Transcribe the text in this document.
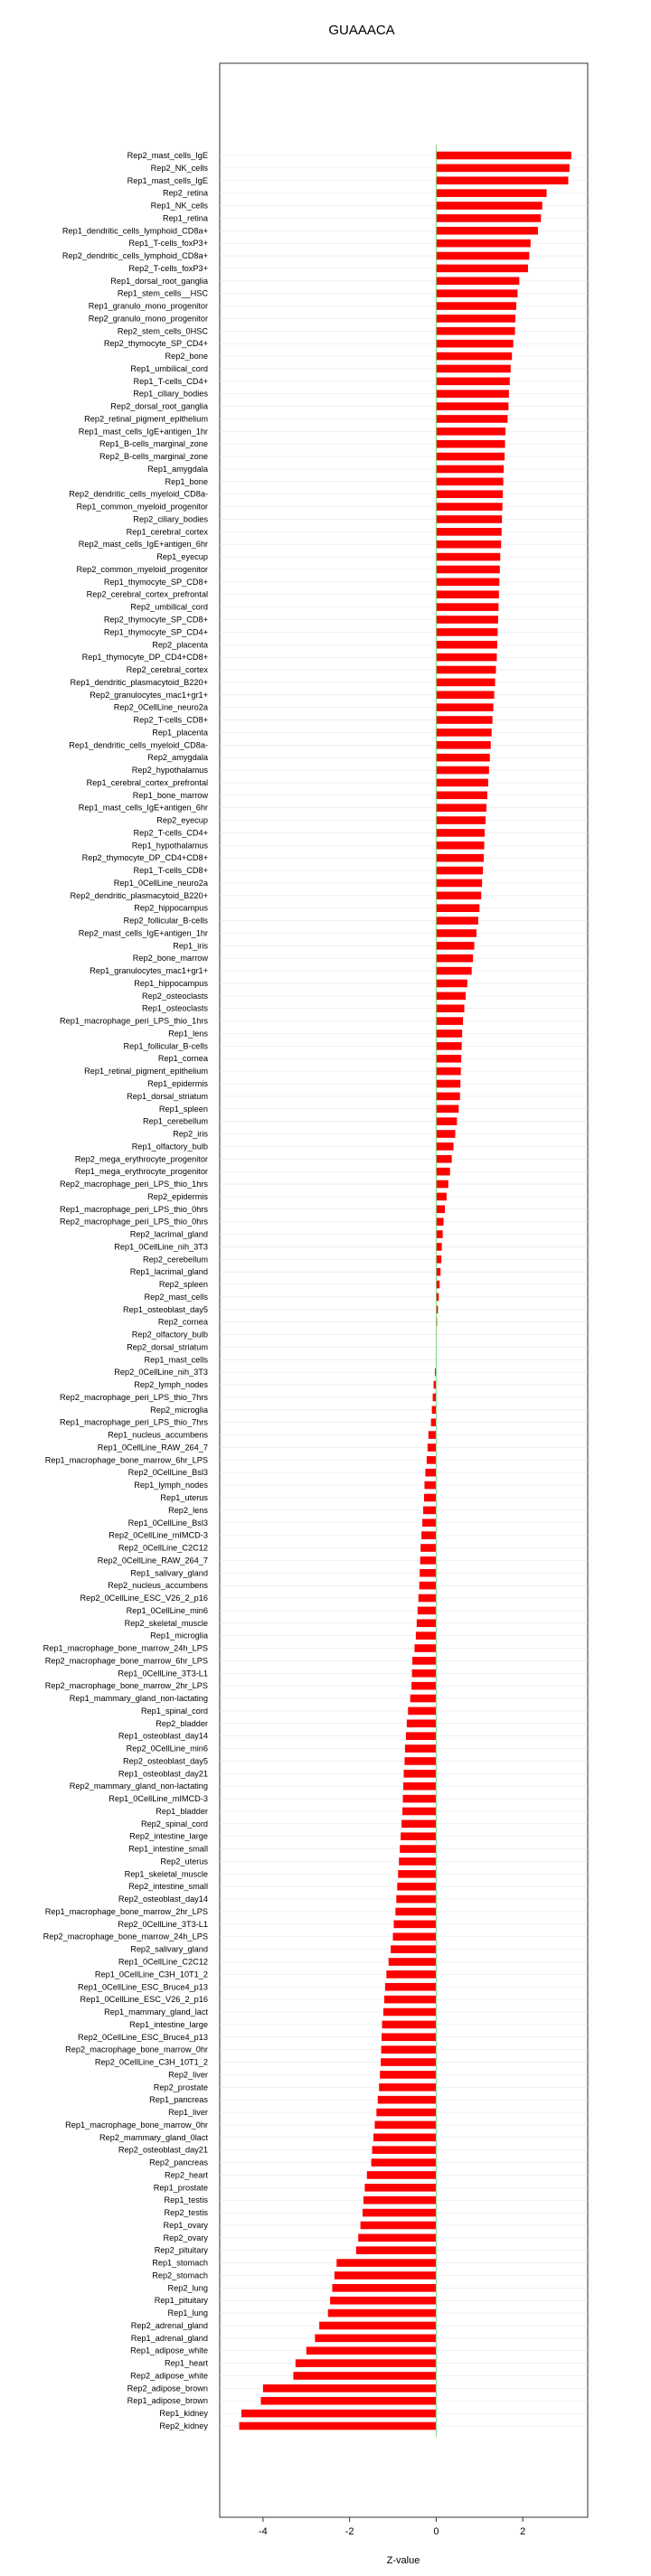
GUAAACA
Rep2_mast_cells_IgE
Rep2_NK_cells
Rep1_mast_cells_IgE
Rep2_retina
Rep1_NK_cells
Rep1_retina
Rep1_dendritic_cells_lymphoid_CD8a+
Rep1_T-cells_foxP3+
Rep2_dendritic_cells_lymphoid_CD8a+
Rep2_T-cells_foxP3+
Rep1_dorsal_root_ganglia
Rep1_stem_cells__HSC
Rep1_granulo_mono_progenitor
Rep2_granulo_mono_progenitor
Rep2_stem_cells_0HSC
Rep2_thymocyte_SP_CD4+
Rep2_bone
Rep1_umbilical_cord
Rep1_T-cells_CD4+
Rep1_ciliary_bodies
Rep2_dorsal_root_ganglia
Rep2_retinal_pigment_epithelium
Rep1_mast_cells_IgE+antigen_1hr
Rep1_B-cells_marginal_zone
Rep2_B-cells_marginal_zone
Rep1_amygdala
Rep1_bone
Rep2_dendritic_cells_myeloid_CD8a-
Rep1_common_myeloid_progenitor
Rep2_ciliary_bodies
Rep1_cerebral_cortex
Rep2_mast_cells_IgE+antigen_6hr
Rep1_eyecup
Rep2_common_myeloid_progenitor
Rep1_thymocyte_SP_CD8+
Rep2_cerebral_cortex_prefrontal
Rep2_umbilical_cord
Rep2_thymocyte_SP_CD8+
Rep1_thymocyte_SP_CD4+
Rep2_placenta
Rep1_thymocyte_DP_CD4+CD8+
Rep2_cerebral_cortex
Rep1_dendritic_plasmacytoid_B220+
Rep2_granulocytes_mac1+gr1+
Rep2_0CellLine_neuro2a
Rep2_T-cells_CD8+
Rep1_placenta
Rep1_dendritic_cells_myeloid_CD8a-
Rep2_amygdala
Rep2_hypothalamus
Rep1_cerebral_cortex_prefrontal
Rep1_bone_marrow
Rep1_mast_cells_IgE+antigen_6hr
Rep2_eyecup
Rep2_T-cells_CD4+
Rep1_hypothalamus
Rep2_thymocyte_DP_CD4+CD8+
Rep1_T-cells_CD8+
Rep1_0CellLine_neuro2a
Rep2_dendritic_plasmacytoid_B220+
Rep2_hippocampus
Rep2_follicular_B-cells
Rep2_mast_cells_IgE+antigen_1hr
Rep1_iris
Rep2_bone_marrow
Rep1_granulocytes_mac1+gr1+
Rep1_hippocampus
Rep2_osteoclasts
Rep1_osteoclasts
Rep1_macrophage_peri_LPS_thio_1hrs
Rep1_lens
Rep1_follicular_B-cells
Rep1_cornea
Rep1_retinal_pigment_epithelium
Rep1_epidermis
Rep1_dorsal_striatum
Rep1_spleen
Rep1_cerebellum
Rep2_iris
Rep1_olfactory_bulb
Rep2_mega_erythrocyte_progenitor
Rep1_mega_erythrocyte_progenitor
Rep2_macrophage_peri_LPS_thio_1hrs
Rep2_epidermis
Rep1_macrophage_peri_LPS_thio_0hrs
Rep2_macrophage_peri_LPS_thio_0hrs
Rep2_lacrimal_gland
Rep1_0CellLine_nih_3T3
Rep2_cerebellum
Rep1_lacrimal_gland
Rep2_spleen
Rep2_mast_cells
Rep1_osteoblast_day5
Rep2_cornea
Rep2_olfactory_bulb
Rep2_dorsal_striatum
Rep1_mast_cells
Rep2_0CellLine_nih_3T3
Rep2_lymph_nodes
Rep2_macrophage_peri_LPS_thio_7hrs
Rep2_microglia
Rep1_macrophage_peri_LPS_thio_7hrs
Rep1_nucleus_accumbens
Rep1_0CellLine_RAW_264_7
Rep1_macrophage_bone_marrow_6hr_LPS
Rep2_0CellLine_Bsl3
Rep1_lymph_nodes
Rep1_uterus
Rep2_lens
Rep1_0CellLine_Bsl3
Rep2_0CellLine_mIMCD-3
Rep2_0CellLine_C2C12
Rep2_0CellLine_RAW_264_7
Rep1_salivary_gland
Rep2_nucleus_accumbens
Rep2_0CellLine_ESC_V26_2_p16
Rep1_0CellLine_min6
Rep2_skeletal_muscle
Rep1_microglia
Rep1_macrophage_bone_marrow_24h_LPS
Rep2_macrophage_bone_marrow_6hr_LPS
Rep1_0CellLine_3T3-L1
Rep2_macrophage_bone_marrow_2hr_LPS
Rep1_mammary_gland_non-lactating
Rep1_spinal_cord
Rep2_bladder
Rep1_osteoblast_day14
Rep2_0CellLine_min6
Rep2_osteoblast_day5
Rep1_osteoblast_day21
Rep2_mammary_gland_non-lactating
Rep1_0CellLine_mIMCD-3
Rep1_bladder
Rep2_spinal_cord
Rep2_intestine_large
Rep1_intestine_small
Rep2_uterus
Rep1_skeletal_muscle
Rep2_intestine_small
Rep2_osteoblast_day14
Rep1_macrophage_bone_marrow_2hr_LPS
Rep2_0CellLine_3T3-L1
Rep2_macrophage_bone_marrow_24h_LPS
Rep2_salivary_gland
Rep1_0CellLine_C2C12
Rep1_0CellLine_C3H_10T1_2
Rep1_0CellLine_ESC_Bruce4_p13
Rep1_0CellLine_ESC_V26_2_p16
Rep1_mammary_gland_lact
Rep1_intestine_large
Rep2_0CellLine_ESC_Bruce4_p13
Rep2_macrophage_bone_marrow_0hr
Rep2_0CellLine_C3H_10T1_2
Rep2_liver
Rep2_prostate
Rep1_pancreas
Rep1_liver
Rep1_macrophage_bone_marrow_0hr
Rep2_mammary_gland_0lact
Rep2_osteoblast_day21
Rep2_pancreas
Rep2_heart
Rep1_prostate
Rep1_testis
Rep2_testis
Rep1_ovary
Rep2_ovary
Rep2_pituitary
Rep1_stomach
Rep2_stomach
Rep2_lung
Rep1_pituitary
Rep1_lung
Rep2_adrenal_gland
Rep1_adrenal_gland
Rep1_adipose_white
Rep1_heart
Rep2_adipose_white
Rep2_adipose_brown
Rep1_adipose_brown
Rep1_kidney
Rep2_kidney
-4	-2	0	2
Z-value
